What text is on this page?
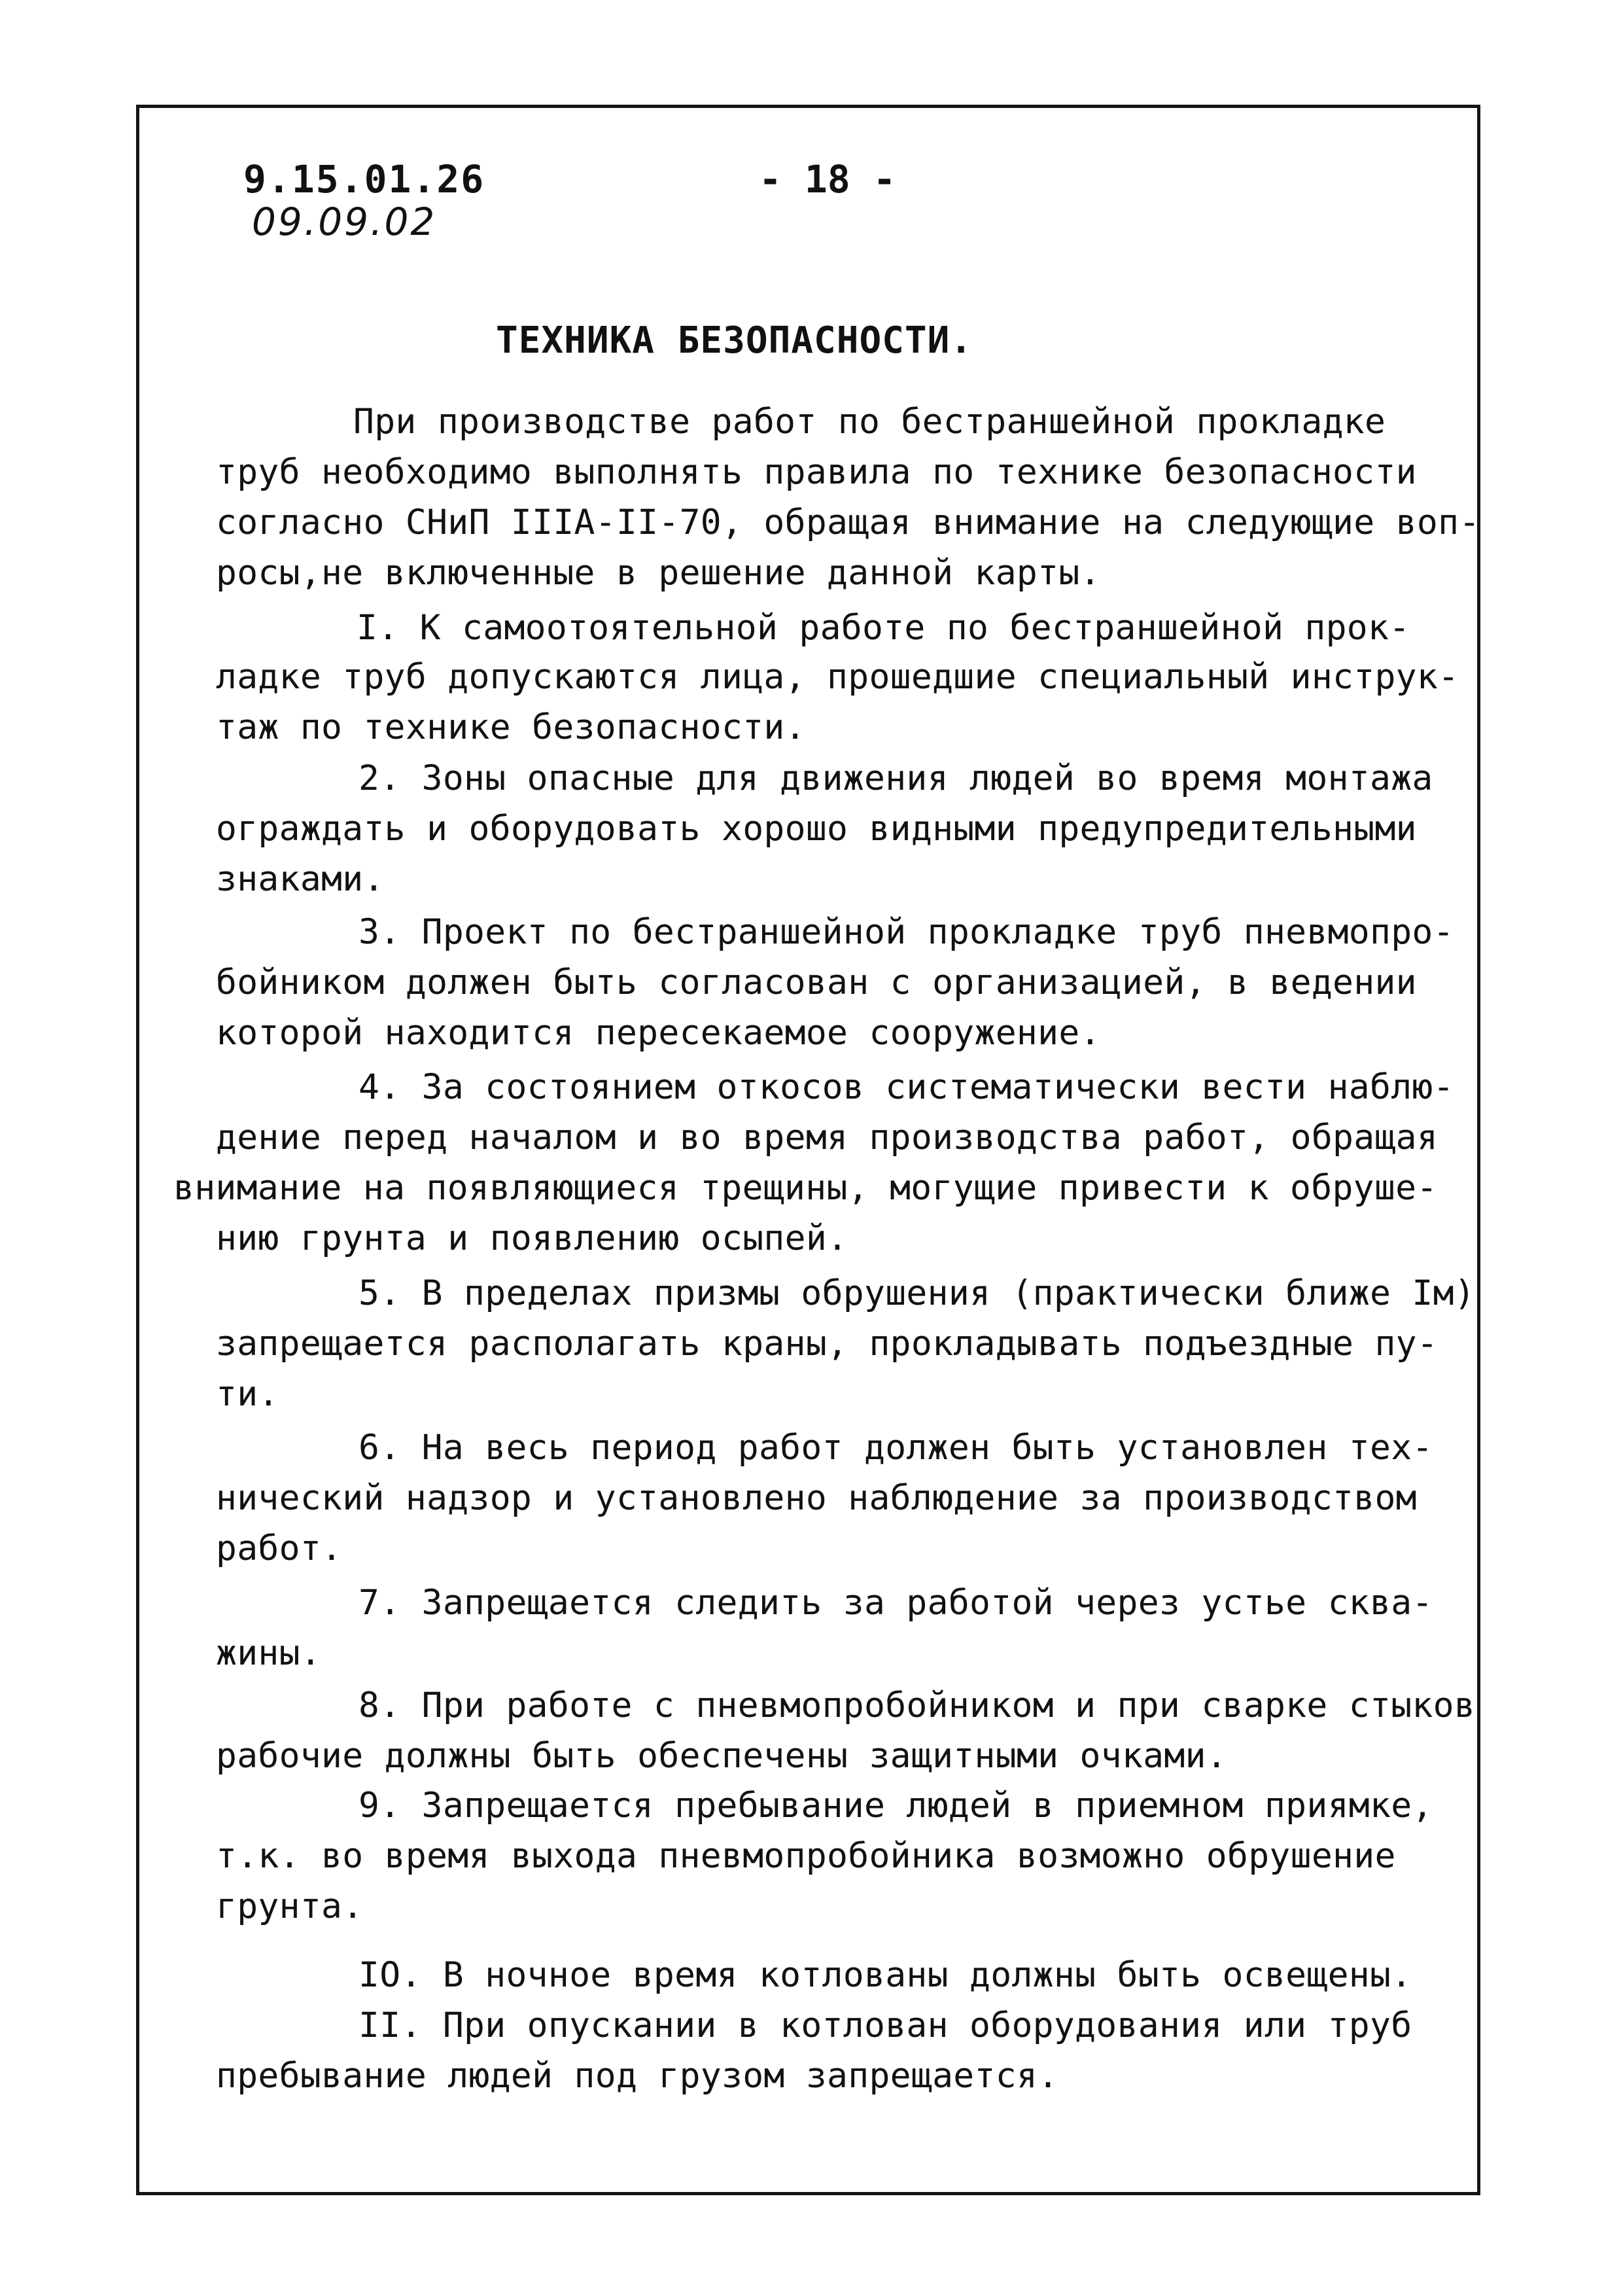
9.15.01.26
09.09.02
- 18 -
ТЕХНИКА БЕЗОПАСНОСТИ.
При производстве работ по бестраншейной прокладке
труб необходимо выполнять правила по технике безопасности
согласно СНиП IIIА-II-70, обращая внимание на следующие воп-
росы,не включенные в решение данной карты.
I. К самоотоятельной работе по бестраншейной прок-
ладке труб допускаются лица, прошедшие специальный инструк-
таж по технике безопасности.
2. Зоны опасные для движения людей во время монтажа
ограждать и оборудовать хорошо видными предупредительными
знаками.
3. Проект по бестраншейной прокладке труб пневмопро-
бойником должен быть согласован с организацией, в ведении
которой находится пересекаемое сооружение.
4. За состоянием откосов систематически вести наблю-
дение перед началом и во время производства работ, обращая
внимание на появляющиеся трещины, могущие привести к обруше-
нию грунта и появлению осыпей.
5. В пределах призмы обрушения (практически ближе Iм)
запрещается располагать краны, прокладывать подъездные пу-
ти.
6. На весь период работ должен быть установлен тех-
нический надзор и установлено наблюдение за производством
работ.
7. Запрещается следить за работой через устье сква-
жины.
8. При работе с пневмопробойником и при сварке стыков
рабочие должны быть обеспечены защитными очками.
9. Запрещается пребывание людей в приемном приямке,
т.к. во время выхода пневмопробойника возможно обрушение
грунта.
IO. В ночное время котлованы должны быть освещены.
II. При опускании в котлован оборудования или труб
пребывание людей под грузом запрещается.
